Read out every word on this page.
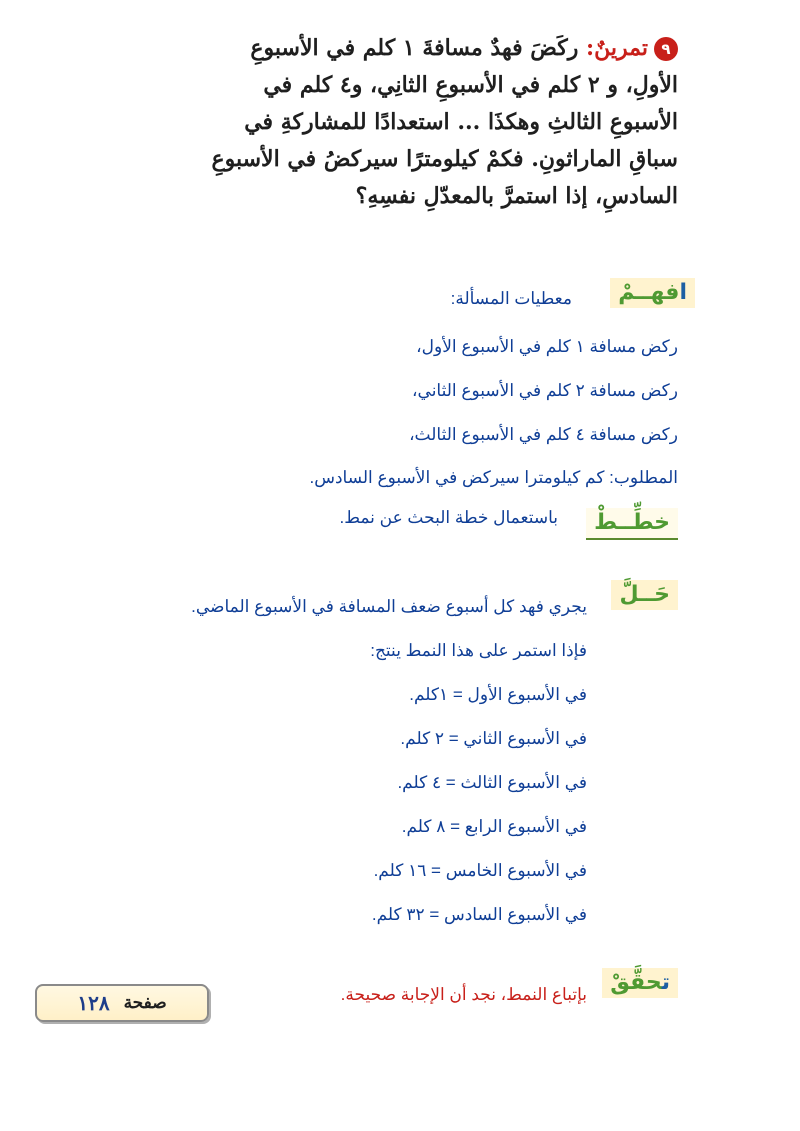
٩تمرينٌ: ركَضَ فهدٌ مسافةَ ١ كلم في الأسبوعِ
الأولِ، و ٢ كلم في الأسبوعِ الثانِي، و٤ كلم في
الأسبوعِ الثالثِ وهكذَا ... استعدادًا للمشاركةِ في
سباقِ الماراثونِ. فكمْ كيلومترًا سيركضُ في الأسبوعِ
السادسِ، إذا استمرَّ بالمعدّلِ نفسِهِ؟
افهــمْ
معطيات المسألة:
ركض مسافة ١ كلم في الأسبوع الأول،
ركض مسافة ٢ كلم في الأسبوع الثاني،
ركض مسافة ٤ كلم في الأسبوع الثالث،
المطلوب: كم كيلومترا سيركض في الأسبوع السادس.
خطِّــطْ
باستعمال خطة البحث عن نمط.
حَــلَّ
يجري فهد كل أسبوع ضعف المسافة في الأسبوع الماضي.
فإذا استمر على هذا النمط ينتج:
في الأسبوع الأول = ١كلم.
في الأسبوع الثاني = ٢ كلم.
في الأسبوع الثالث = ٤ كلم.
في الأسبوع الرابع = ٨ كلم.
في الأسبوع الخامس = ١٦ كلم.
في الأسبوع السادس = ٣٢ كلم.
تحقَّقْ
بإتباع النمط، نجد أن الإجابة صحيحة.
صفحة
١٢٨
